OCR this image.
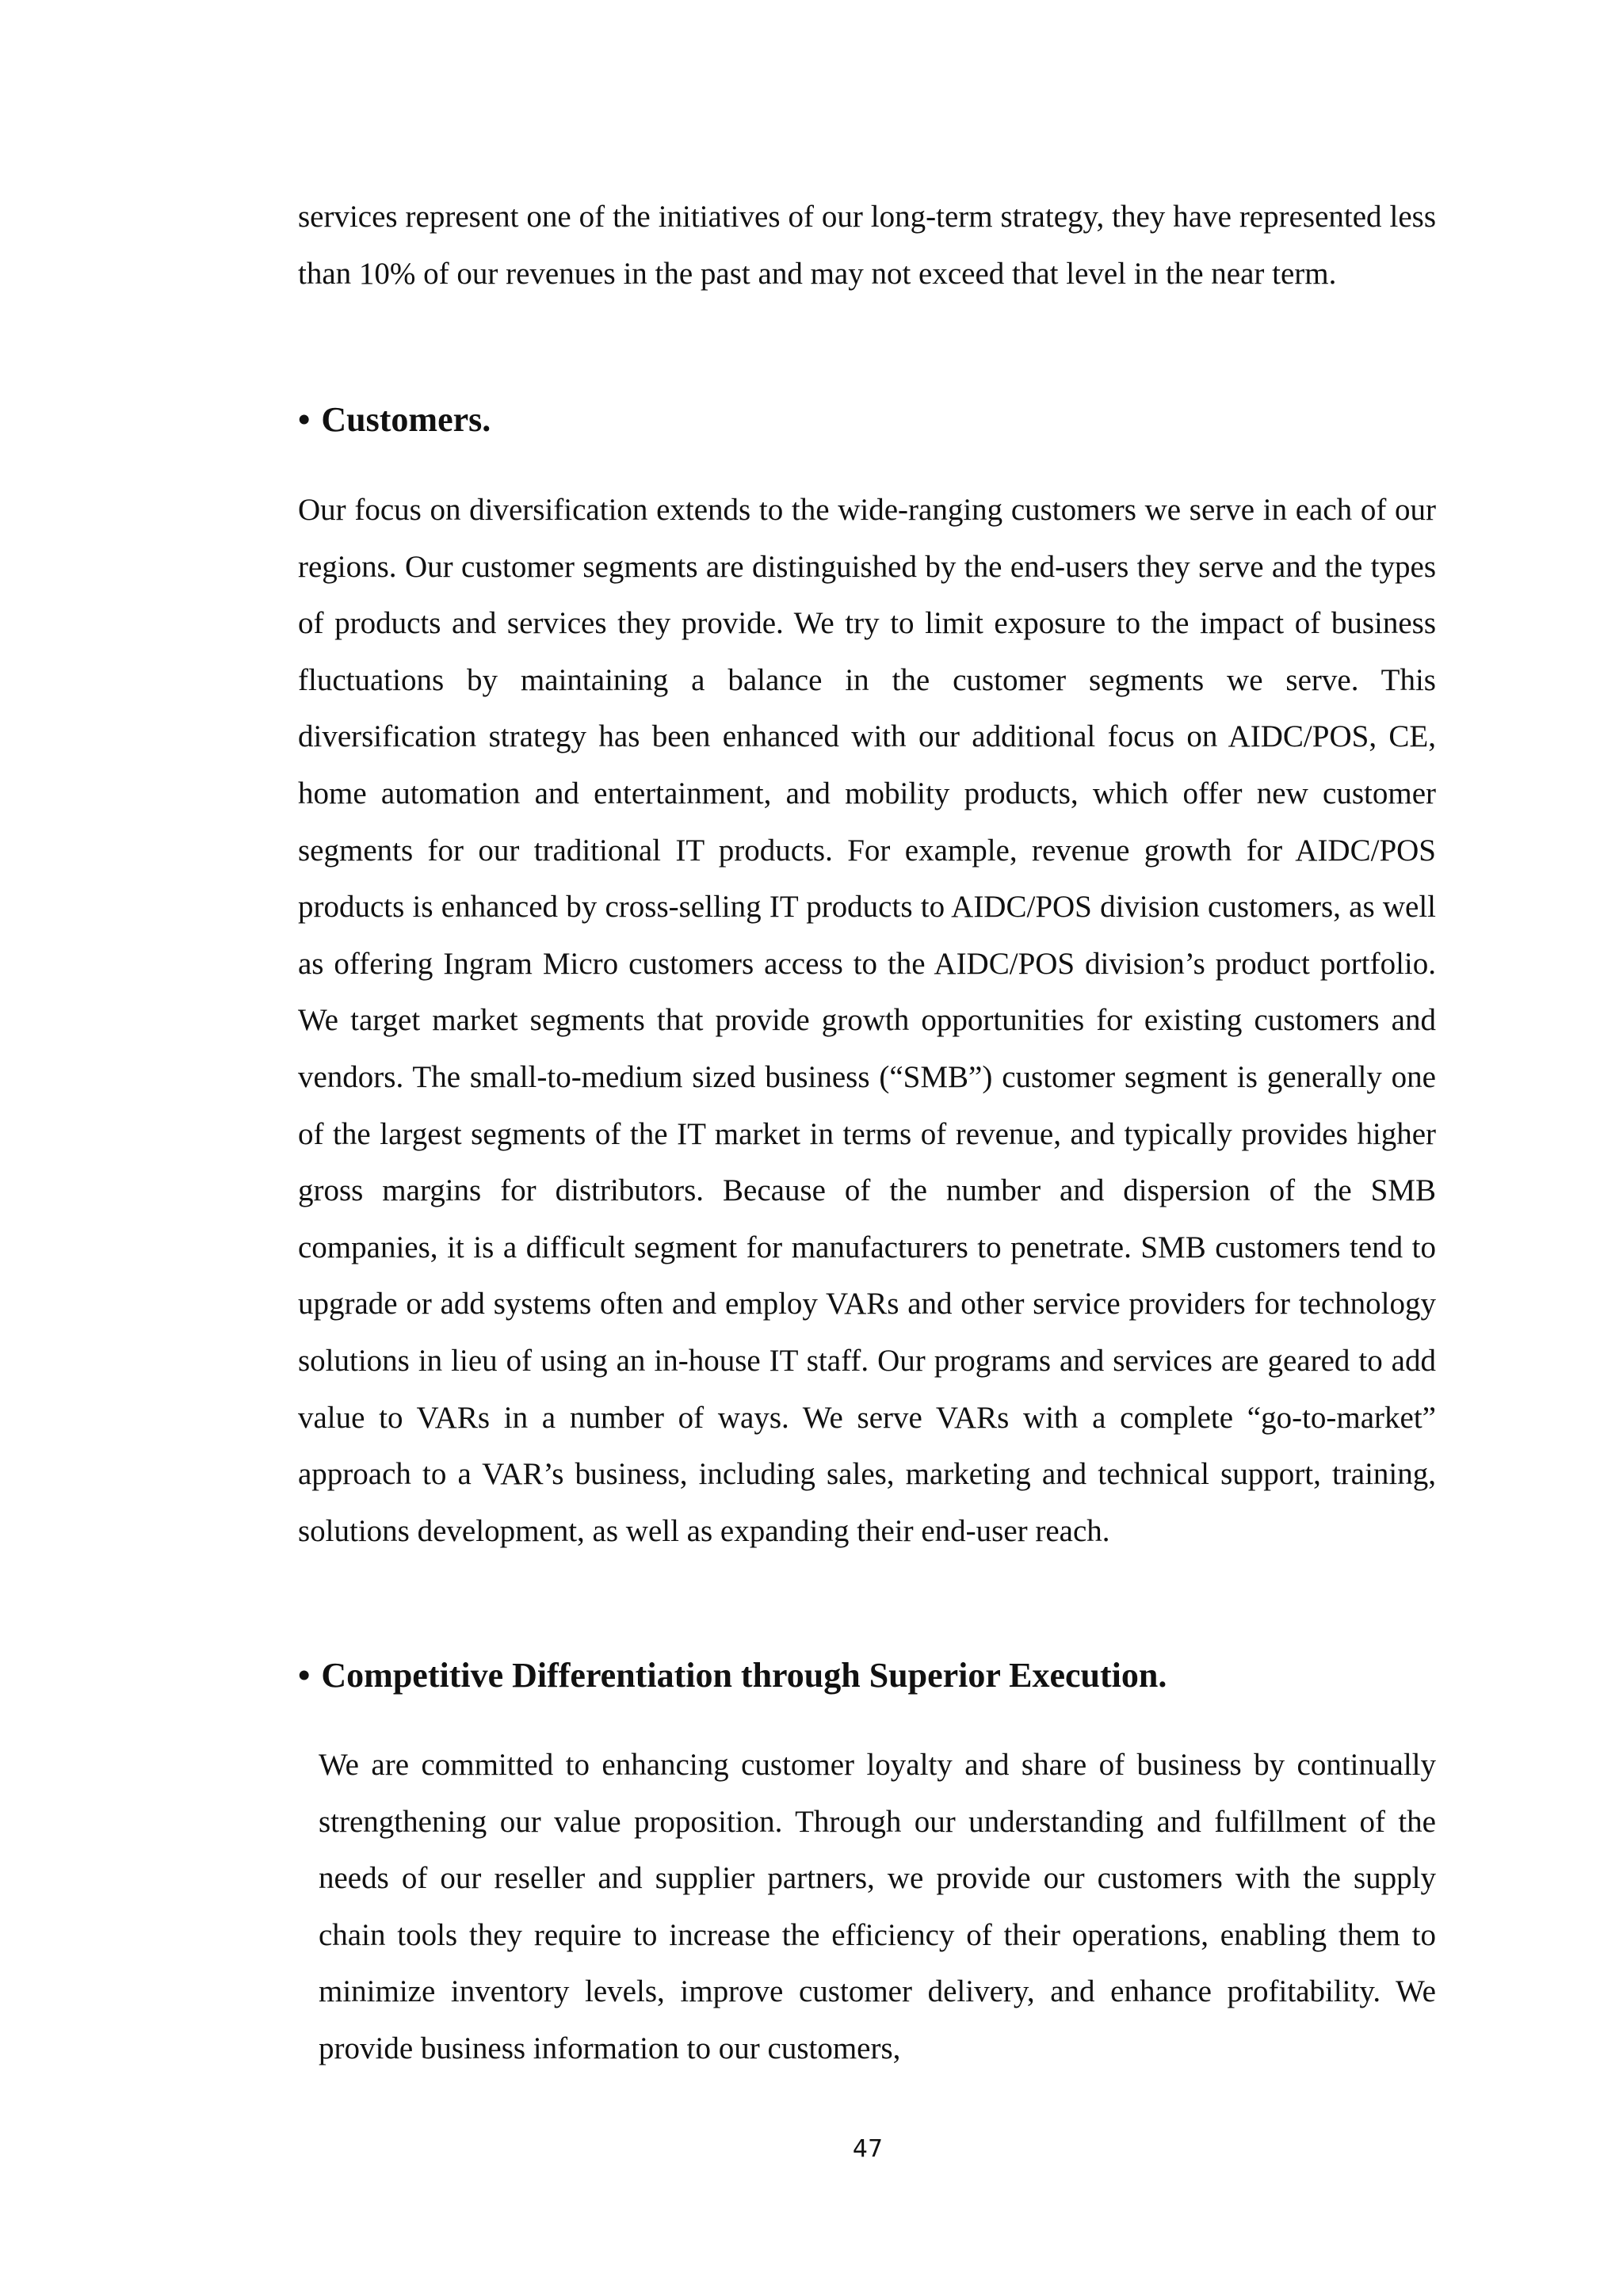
services represent one of the initiatives of our long-term strategy, they have represented less than 10% of our revenues in the past and may not exceed that level in the near term.

• Customers.

Our focus on diversification extends to the wide-ranging customers we serve in each of our regions. Our customer segments are distinguished by the end-users they serve and the types of products and services they provide. We try to limit exposure to the impact of business fluctuations by maintaining a balance in the customer segments we serve. This diversification strategy has been enhanced with our additional focus on AIDC/POS, CE, home automation and entertainment, and mobility products, which offer new customer segments for our traditional IT products. For example, revenue growth for AIDC/POS products is enhanced by cross-selling IT products to AIDC/POS division customers, as well as offering Ingram Micro customers access to the AIDC/POS division’s product portfolio. We target market segments that provide growth opportunities for existing customers and vendors. The small-to-medium sized business (“SMB”) customer segment is generally one of the largest segments of the IT market in terms of revenue, and typically provides higher gross margins for distributors. Because of the number and dispersion of the SMB companies, it is a difficult segment for manufacturers to penetrate. SMB customers tend to upgrade or add systems often and employ VARs and other service providers for technology solutions in lieu of using an in-house IT staff. Our programs and services are geared to add value to VARs in a number of ways. We serve VARs with a complete “go-to-market” approach to a VAR’s business, including sales, marketing and technical support, training, solutions development, as well as expanding their end-user reach.

• Competitive Differentiation through Superior Execution.

We are committed to enhancing customer loyalty and share of business by continually strengthening our value proposition. Through our understanding and fulfillment of the needs of our reseller and supplier partners, we provide our customers with the supply chain tools they require to increase the efficiency of their operations, enabling them to minimize inventory levels, improve customer delivery, and enhance profitability. We provide business information to our customers,

47
